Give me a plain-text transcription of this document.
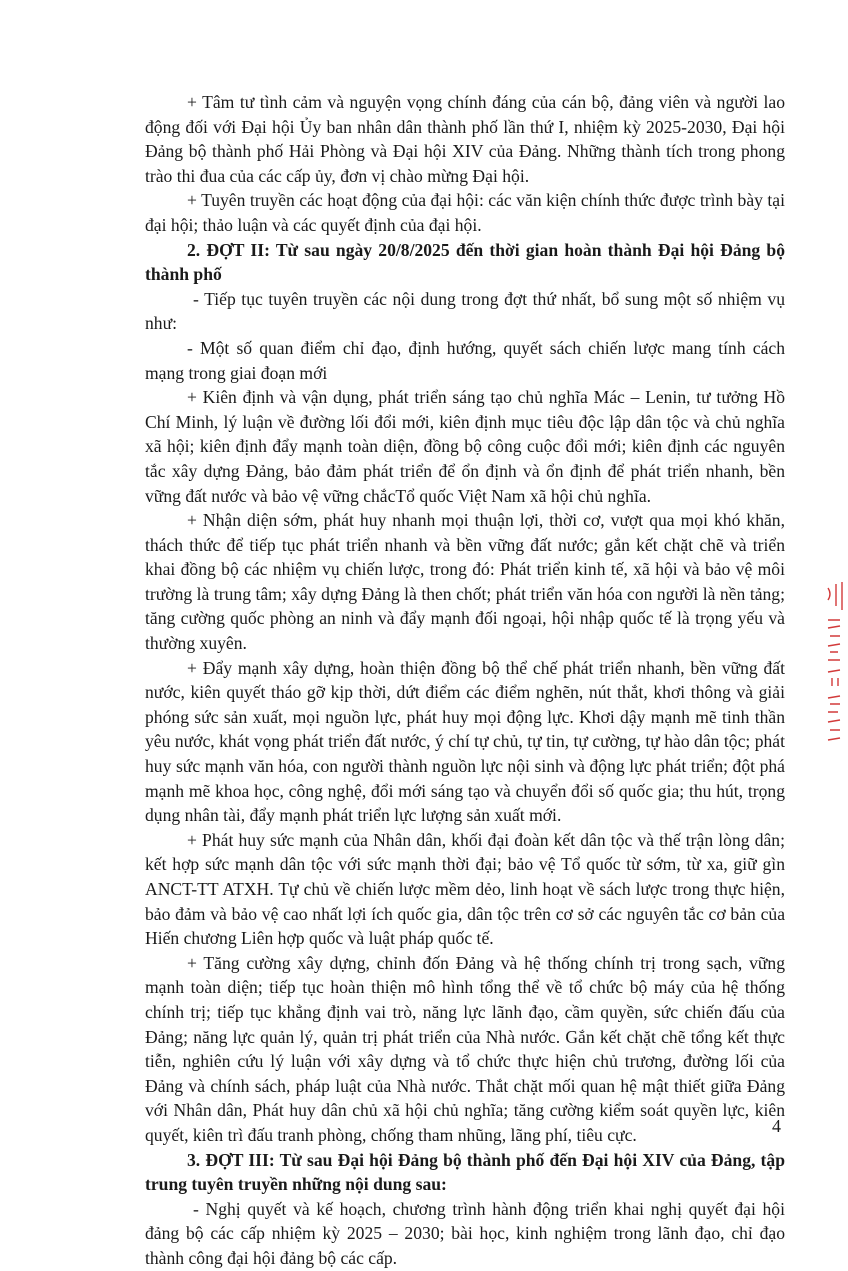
+ Tâm tư tình cảm và nguyện vọng chính đáng của cán bộ, đảng viên và người lao động đối với Đại hội Ủy ban nhân dân thành phố lần thứ I, nhiệm kỳ 2025-2030, Đại hội Đảng bộ thành phố Hải Phòng và Đại hội XIV của Đảng. Những thành tích trong phong trào thi đua của các cấp ủy, đơn vị chào mừng Đại hội.

+ Tuyên truyền các hoạt động của đại hội: các văn kiện chính thức được trình bày tại đại hội; thảo luận và các quyết định của đại hội.

2. ĐỢT II: Từ sau ngày 20/8/2025 đến thời gian hoàn thành Đại hội Đảng bộ thành phố

- Tiếp tục tuyên truyền các nội dung trong đợt thứ nhất, bổ sung một số nhiệm vụ như:

- Một số quan điểm chỉ đạo, định hướng, quyết sách chiến lược mang tính cách mạng trong giai đoạn mới

+ Kiên định và vận dụng, phát triển sáng tạo chủ nghĩa Mác – Lenin, tư tưởng Hồ Chí Minh, lý luận về đường lối đổi mới, kiên định mục tiêu độc lập dân tộc và chủ nghĩa xã hội; kiên định đẩy mạnh toàn diện, đồng bộ công cuộc đổi mới; kiên định các nguyên tắc xây dựng Đảng, bảo đảm phát triển để ổn định và ổn định để phát triển nhanh, bền vững đất nước và bảo vệ vững chắcTổ quốc Việt Nam xã hội chủ nghĩa.

+ Nhận diện sớm, phát huy nhanh mọi thuận lợi, thời cơ, vượt qua mọi khó khăn, thách thức để tiếp tục phát triển nhanh và bền vững đất nước; gắn kết chặt chẽ và triển khai đồng bộ các nhiệm vụ chiến lược, trong đó: Phát triển kinh tế, xã hội và bảo vệ môi trường là trung tâm; xây dựng Đảng là then chốt; phát triển văn hóa con người là nền tảng; tăng cường quốc phòng an ninh và đẩy mạnh đối ngoại, hội nhập quốc tế là trọng yếu và thường xuyên.

+ Đẩy mạnh xây dựng, hoàn thiện đồng bộ thể chế phát triển nhanh, bền vững đất nước, kiên quyết tháo gỡ kịp thời, dứt điểm các điểm nghẽn, nút thắt, khơi thông và giải phóng sức sản xuất, mọi nguồn lực, phát huy mọi động lực. Khơi dậy mạnh mẽ tinh thần yêu nước, khát vọng phát triển đất nước, ý chí tự chủ, tự tin, tự cường, tự hào dân tộc; phát huy sức mạnh văn hóa, con người thành nguồn lực nội sinh và động lực phát triển; đột phá mạnh mẽ khoa học, công nghệ, đổi mới sáng tạo và chuyển đổi số quốc gia; thu hút, trọng dụng nhân tài, đẩy mạnh phát triển lực lượng sản xuất mới.

+ Phát huy sức mạnh của Nhân dân, khối đại đoàn kết dân tộc và thế trận lòng dân; kết hợp sức mạnh dân tộc với sức mạnh thời đại; bảo vệ Tổ quốc từ sớm, từ xa, giữ gìn ANCT-TT ATXH. Tự chủ về chiến lược mềm dẻo, linh hoạt về sách lược trong thực hiện, bảo đảm và bảo vệ cao nhất lợi ích quốc gia, dân tộc trên cơ sở các nguyên tắc cơ bản của Hiến chương Liên hợp quốc và luật pháp quốc tế.

+ Tăng cường xây dựng, chỉnh đốn Đảng và hệ thống chính trị trong sạch, vững mạnh toàn diện; tiếp tục hoàn thiện mô hình tổng thể về tổ chức bộ máy của hệ thống chính trị; tiếp tục khẳng định vai trò, năng lực lãnh đạo, cầm quyền, sức chiến đấu của Đảng; năng lực quản lý, quản trị phát triển của Nhà nước. Gắn kết chặt chẽ tổng kết thực tiễn, nghiên cứu lý luận với xây dựng và tổ chức thực hiện chủ trương, đường lối của Đảng và chính sách, pháp luật của Nhà nước. Thắt chặt mối quan hệ mật thiết giữa Đảng với Nhân dân, Phát huy dân chủ xã hội chủ nghĩa; tăng cường kiểm soát quyền lực, kiên quyết, kiên trì đấu tranh phòng, chống tham nhũng, lãng phí, tiêu cực.

3. ĐỢT III: Từ sau Đại hội Đảng bộ thành phố đến Đại hội XIV của Đảng, tập trung tuyên truyền những nội dung sau:

- Nghị quyết và kế hoạch, chương trình hành động triển khai nghị quyết đại hội đảng bộ các cấp nhiệm kỳ 2025 – 2030; bài học, kinh nghiệm trong lãnh đạo, chỉ đạo thành công đại hội đảng bộ các cấp.

4
